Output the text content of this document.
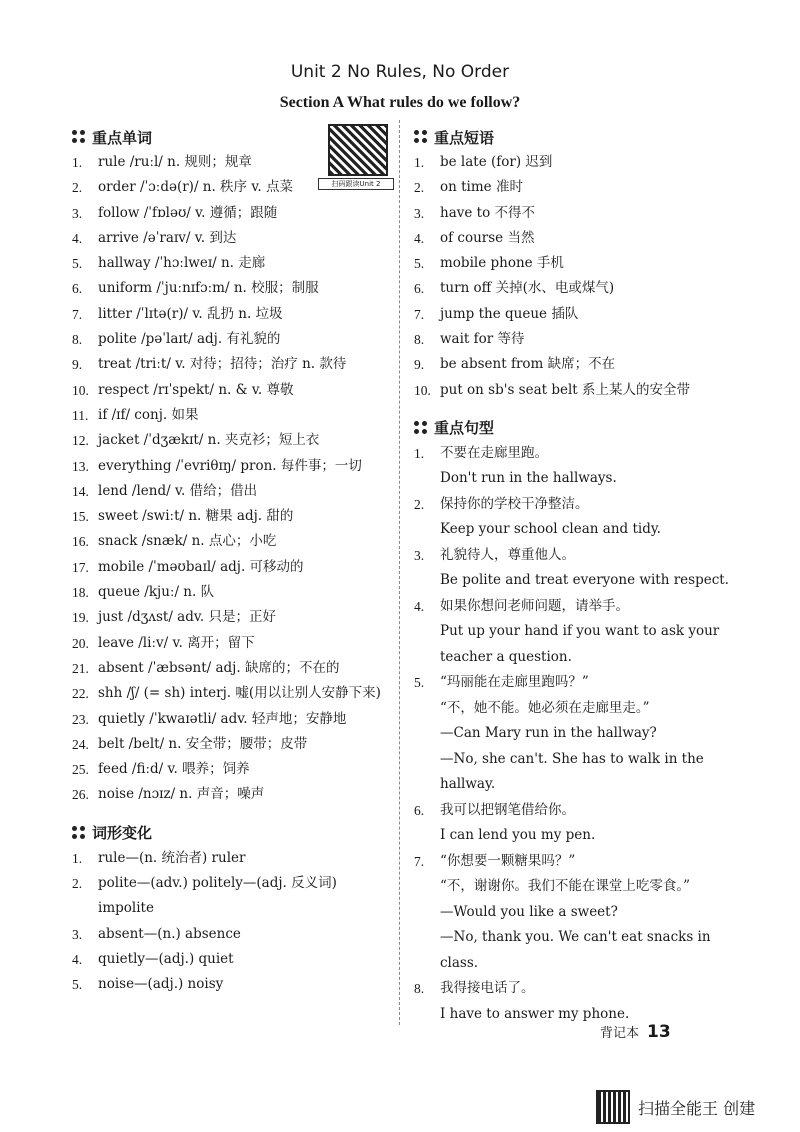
Unit 2 No Rules, No Order
Section A What rules do we follow?
扫码跟读Unit 2
重点单词
1.	rule /ruːl/ n. 规则；规章
2.	order /ˈɔːdə(r)/ n. 秩序 v. 点菜
3.	follow /ˈfɒləʊ/ v. 遵循；跟随
4.	arrive /əˈraɪv/ v. 到达
5.	hallway /ˈhɔːlweɪ/ n. 走廊
6.	uniform /ˈjuːnɪfɔːm/ n. 校服；制服
7.	litter /ˈlɪtə(r)/ v. 乱扔 n. 垃圾
8.	polite /pəˈlaɪt/ adj. 有礼貌的
9.	treat /triːt/ v. 对待；招待；治疗 n. 款待
10. respect /rɪˈspekt/ n. & v. 尊敬
11. if /ɪf/ conj. 如果
12. jacket /ˈdʒækɪt/ n. 夹克衫；短上衣
13. everything /ˈevriθɪŋ/ pron. 每件事；一切
14. lend /lend/ v. 借给；借出
15. sweet /swiːt/ n. 糖果 adj. 甜的
16. snack /snæk/ n. 点心；小吃
17. mobile /ˈməʊbaɪl/ adj. 可移动的
18. queue /kjuː/ n. 队
19. just /dʒʌst/ adv. 只是；正好
20. leave /liːv/ v. 离开；留下
21. absent /ˈæbsənt/ adj. 缺席的；不在的
22. shh /ʃ/ (= sh) interj. 嘘(用以让别人安静下来)
23. quietly /ˈkwaɪətli/ adv. 轻声地；安静地
24. belt /belt/ n. 安全带；腰带；皮带
25. feed /fiːd/ v. 喂养；饲养
26. noise /nɔɪz/ n. 声音；噪声
词形变化
1.	rule—(n. 统治者) ruler
2.	polite—(adv.) politely—(adj. 反义词) impolite
3.	absent—(n.) absence
4.	quietly—(adj.) quiet
5.	noise—(adj.) noisy
重点短语
1.	be late (for) 迟到
2.	on time 准时
3.	have to 不得不
4.	of course 当然
5.	mobile phone 手机
6.	turn off 关掉(水、电或煤气)
7.	jump the queue 插队
8.	wait for 等待
9.	be absent from 缺席；不在
10. put on sb's seat belt 系上某人的安全带
重点句型
1.	不要在走廊里跑。
Don't run in the hallways.
2.	保持你的学校干净整洁。
Keep your school clean and tidy.
3.	礼貌待人，尊重他人。
Be polite and treat everyone with respect.
4.	如果你想问老师问题，请举手。
Put up your hand if you want to ask your teacher a question.
5.	“玛丽能在走廊里跑吗？”
“不，她不能。她必须在走廊里走。”
—Can Mary run in the hallway?
—No, she can't. She has to walk in the hallway.
6.	我可以把钢笔借给你。
I can lend you my pen.
7.	“你想要一颗糖果吗？”
“不，谢谢你。我们不能在课堂上吃零食。”
—Would you like a sweet?
—No, thank you. We can't eat snacks in class.
8.	我得接电话了。
I have to answer my phone.
背记本 13
扫描全能王 创建
